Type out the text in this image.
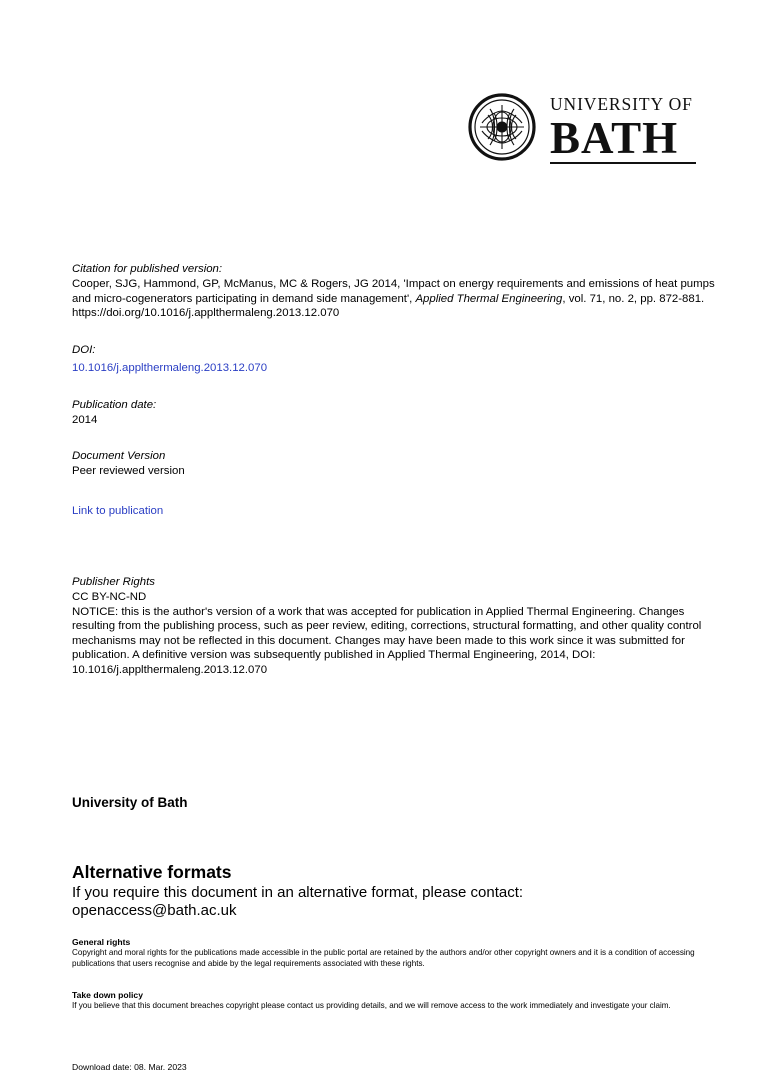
UNIVERSITY OF
BATH
Citation for published version:
Cooper, SJG, Hammond, GP, McManus, MC & Rogers, JG 2014, 'Impact on energy requirements and emissions of heat pumps and micro-cogenerators participating in demand side management', Applied Thermal Engineering, vol. 71, no. 2, pp. 872-881. https://doi.org/10.1016/j.applthermaleng.2013.12.070
DOI:
10.1016/j.applthermaleng.2013.12.070
Publication date:
2014
Document Version
Peer reviewed version
Link to publication
Publisher Rights
CC BY-NC-ND
NOTICE: this is the author's version of a work that was accepted for publication in Applied Thermal Engineering. Changes resulting from the publishing process, such as peer review, editing, corrections, structural formatting, and other quality control mechanisms may not be reflected in this document. Changes may have been made to this work since it was submitted for publication. A definitive version was subsequently published in Applied Thermal Engineering, 2014, DOI: 10.1016/j.applthermaleng.2013.12.070
University of Bath
Alternative formats
If you require this document in an alternative format, please contact:
openaccess@bath.ac.uk
General rights
Copyright and moral rights for the publications made accessible in the public portal are retained by the authors and/or other copyright owners and it is a condition of accessing publications that users recognise and abide by the legal requirements associated with these rights.
Take down policy
If you believe that this document breaches copyright please contact us providing details, and we will remove access to the work immediately and investigate your claim.
Download date: 08. Mar. 2023
